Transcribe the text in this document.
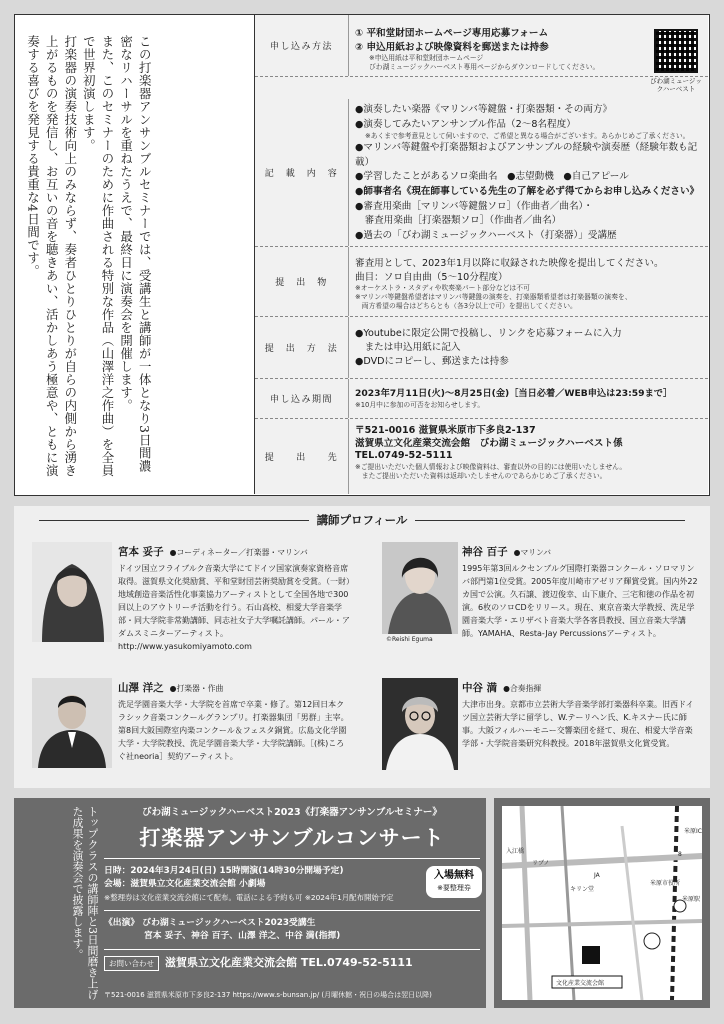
この打楽器アンサンブルセミナーでは、受講生と講師が一体となり3日間濃密なリハーサルを重ねたうえで、最終日に演奏会を開催します。

また、このセミナーのために作曲される特別な作品（山澤洋之作曲）を全員で世界初演します。

打楽器の演奏技術向上のみならず、奏者ひとりひとりが自らの内側から湧き上がるものを発信し、お互いの音を聴きあい、活かしあう極意や、ともに演奏する喜びを発見する貴重な4日間です。	申し込み方法
① 平和堂財団ホームページ専用応募フォーム
② 申込用紙および映像資料を郵送または持参
※申込用紙は平和堂財団ホームページ
びわ湖ミュージックハーベスト専用ページからダウンロードしてください。
びわ湖ミュージックハーベスト
記　載　内　容
●演奏したい楽器《マリンバ等鍵盤・打楽器類・その両方》
●演奏してみたいアンサンブル作品（2～8名程度）
※あくまで参考意見として伺いますので、ご希望と異なる場合がございます。あらかじめご了承ください。
●マリンバ等鍵盤や打楽器類およびアンサンブルの経験や演奏歴（経験年数も記載）
●学習したことがあるソロ楽曲名　●志望動機　●自己アピール
●師事者名《現在師事している先生の了解を必ず得てからお申し込みください》
●審査用楽曲［マリンバ等鍵盤ソロ］（作曲者／曲名）・
　審査用楽曲［打楽器類ソロ］（作曲者／曲名）
●過去の「びわ湖ミュージックハーベスト（打楽器）」受講歴
提　出　物
審査用として、2023年1月以降に収録された映像を提出してください。
曲目：ソロ自由曲（5～10分程度）
※オーケストラ・スタディや吹奏楽パート部分などは不可
※マリンバ等鍵盤希望者はマリンバ等鍵盤の演奏を、打楽器類希望者は打楽器類の演奏を、
　両方希望の場合はどちらとも（各3分以上で可）を提出してください。
提　出　方　法
●Youtubeに限定公開で投稿し、リンクを応募フォームに入力
　または申込用紙に記入
●DVDにコピーし、郵送または持参
申し込み期間
2023年7月11日(火)～8月25日(金)［当日必着／WEB申込は23:59まで］
※10月中に参加の可否をお知らせします。
提　　出　　先
〒521-0016 滋賀県米原市下多良2-137
滋賀県立文化産業交流会館　びわ湖ミュージックハーベスト係
TEL.0749-52-5111
※ご提出いただいた個人情報および映像資料は、審査以外の目的には使用いたしません。
　またご提出いただいた資料は返却いたしませんのであらかじめご了承ください。
講師プロフィール
宮本 妥子 ●コーディネーター／打楽器・マリンバ
ドイツ国立フライブルク音楽大学にてドイツ国家演奏家資格音席取得。滋賀県文化奨励賞、平和堂財団芸術奨励賞を受賞。（一財）地域創造音楽活性化事業協力アーティストとして全国各地で300回以上のアウトリーチ活動を行う。石山高校、相愛大学音楽学部・同大学院非常勤講師、同志社女子大学嘱託講師。パール・アダムスミニターアーティスト。
http://www.yasukomiyamoto.com
©Reishi Eguma
神谷 百子 ●マリンバ
1995年第3回ルクセンブルグ国際打楽器コンクール・ソロマリンバ部門第1位受賞。2005年度川崎市アゼリア輝賞受賞。国内外22カ国で公演。久石譲、渡辺俊幸、山下康介、三宅和徳の作品を初演。6枚のソロCDをリリース。現在、東京音楽大学教授、洗足学園音楽大学・エリザベト音楽大学各客員教授、国立音楽大学講師。YAMAHA、Resta-Jay Percussionsアーティスト。
山澤 洋之 ●打楽器・作曲
洗足学園音楽大学・大学院を首席で卒業・修了。第12回日本クラシック音楽コンクールグランプリ。打楽器集団「男群」主宰。第8回大阪国際室内楽コンクール＆フェスタ銅賞。広島文化学園大学・大学院教授、洗足学園音楽大学・大学院講師。［(株)ころぐ社neoria］契約アーティスト。
中谷 満 ●合奏指揮
大津市出身。京都市立芸術大学音楽学部打楽器科卒業。旧西ドイツ国立芸術大学に留学し、W.テーリヘン氏、K.キスナー氏に師事。大阪フィルハーモニー交響楽団を経て、現在、相愛大学音楽学部・大学院音楽研究科教授。2018年滋賀県文化賞受賞。
トップクラスの講師陣と3日間磨き上げた成果を演奏会で披露します。	びわ湖ミュージックハーベスト2023《打楽器アンサンブルセミナー》
打楽器アンサンブルコンサート
日時：2024年3月24日(日) 15時開演(14時30分開場予定)
会場：滋賀県立文化産業交流会館 小劇場
※整理券は文化産業交流会館にて配布。電話による予約も可 ※2024年1月配布開始予定
《出演》 びわ湖ミュージックハーベスト2023受講生
宮本 妥子、神谷 百子、山澤 洋之、中谷 満(指揮)
お問い合わせ 滋賀県立文化産業交流会館 TEL.0749-52-5111
入場無料
※要整理券
〒521-0016 滋賀県米原市下多良2-137 https://www.s-bunsan.jp/ (月曜休館・祝日の場合は翌日以降)
米原駅
入江橋
リブノ
文化産業交流会館
8
米原IC
JA
キリン堂
米原市役所
